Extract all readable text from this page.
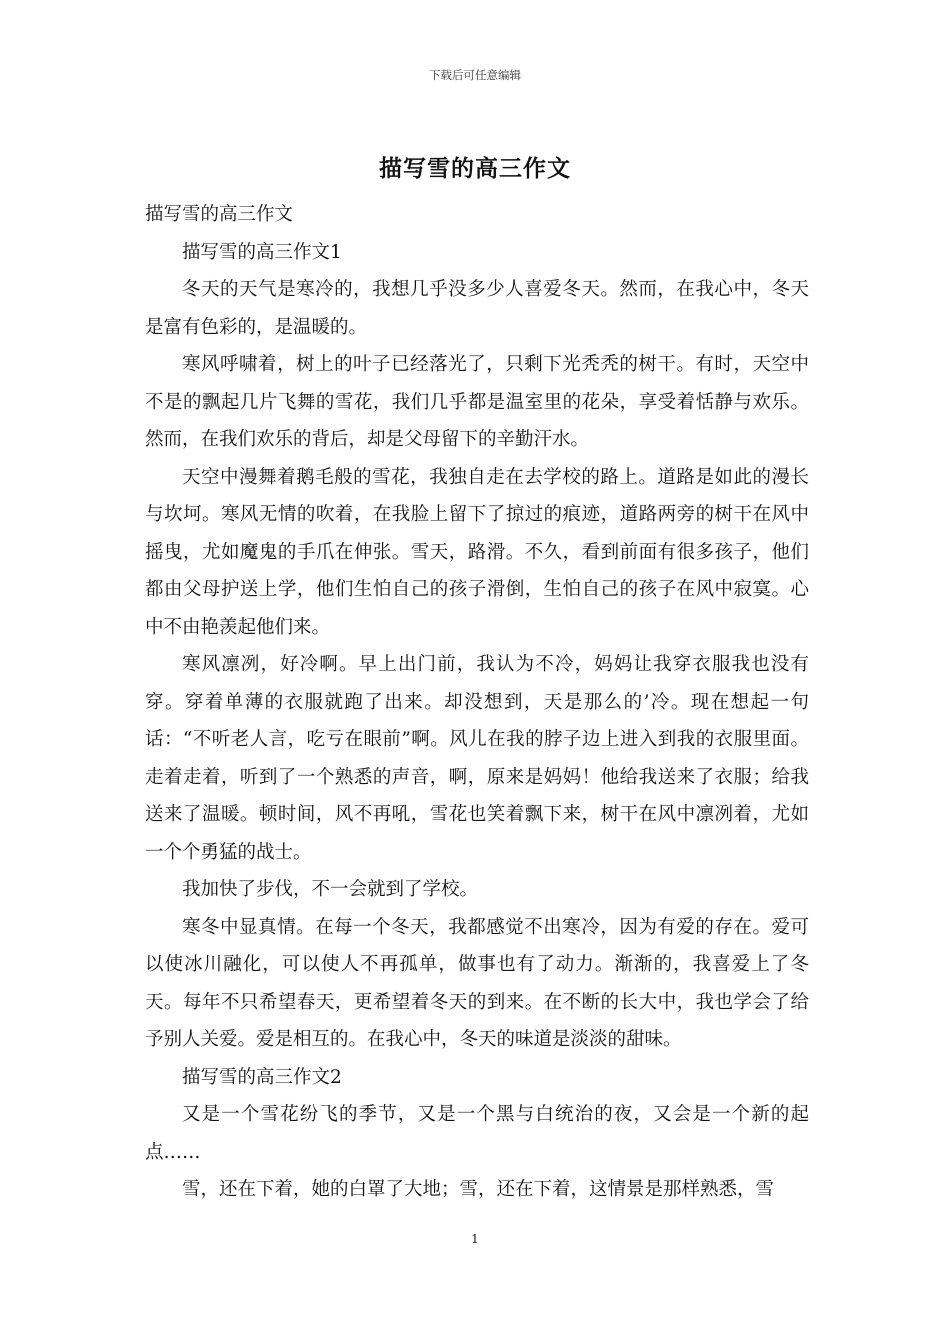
下载后可任意编辑
描写雪的高三作文

描写雪的高三作文

描写雪的高三作文1

冬天的天气是寒冷的，我想几乎没多少人喜爱冬天。然而，在我心中，冬天是富有色彩的，是温暖的。

寒风呼啸着，树上的叶子已经落光了，只剩下光秃秃的树干。有时，天空中不是的飘起几片飞舞的雪花，我们几乎都是温室里的花朵，享受着恬静与欢乐。然而，在我们欢乐的背后，却是父母留下的辛勤汗水。

天空中漫舞着鹅毛般的雪花，我独自走在去学校的路上。道路是如此的漫长与坎坷。寒风无情的吹着，在我脸上留下了掠过的痕迹，道路两旁的树干在风中摇曳，尤如魔鬼的手爪在伸张。雪天，路滑。不久，看到前面有很多孩子，他们都由父母护送上学，他们生怕自己的孩子滑倒，生怕自己的孩子在风中寂寞。心中不由艳羡起他们来。

寒风凛冽，好冷啊。早上出门前，我认为不冷，妈妈让我穿衣服我也没有穿。穿着单薄的衣服就跑了出来。却没想到，天是那么的’冷。现在想起一句话：“不听老人言，吃亏在眼前”啊。风儿在我的脖子边上进入到我的衣服里面。走着走着，听到了一个熟悉的声音，啊，原来是妈妈！他给我送来了衣服；给我送来了温暖。顿时间，风不再吼，雪花也笑着飘下来，树干在风中凛冽着，尤如一个个勇猛的战士。

我加快了步伐，不一会就到了学校。

寒冬中显真情。在每一个冬天，我都感觉不出寒冷，因为有爱的存在。爱可以使冰川融化，可以使人不再孤单，做事也有了动力。渐渐的，我喜爱上了冬天。每年不只希望春天，更希望着冬天的到来。在不断的长大中，我也学会了给予别人关爱。爱是相互的。在我心中，冬天的味道是淡淡的甜味。

描写雪的高三作文2

又是一个雪花纷飞的季节，又是一个黑与白统治的夜，又会是一个新的起点……

雪，还在下着，她的白罩了大地；雪，还在下着，这情景是那样熟悉，雪

1
